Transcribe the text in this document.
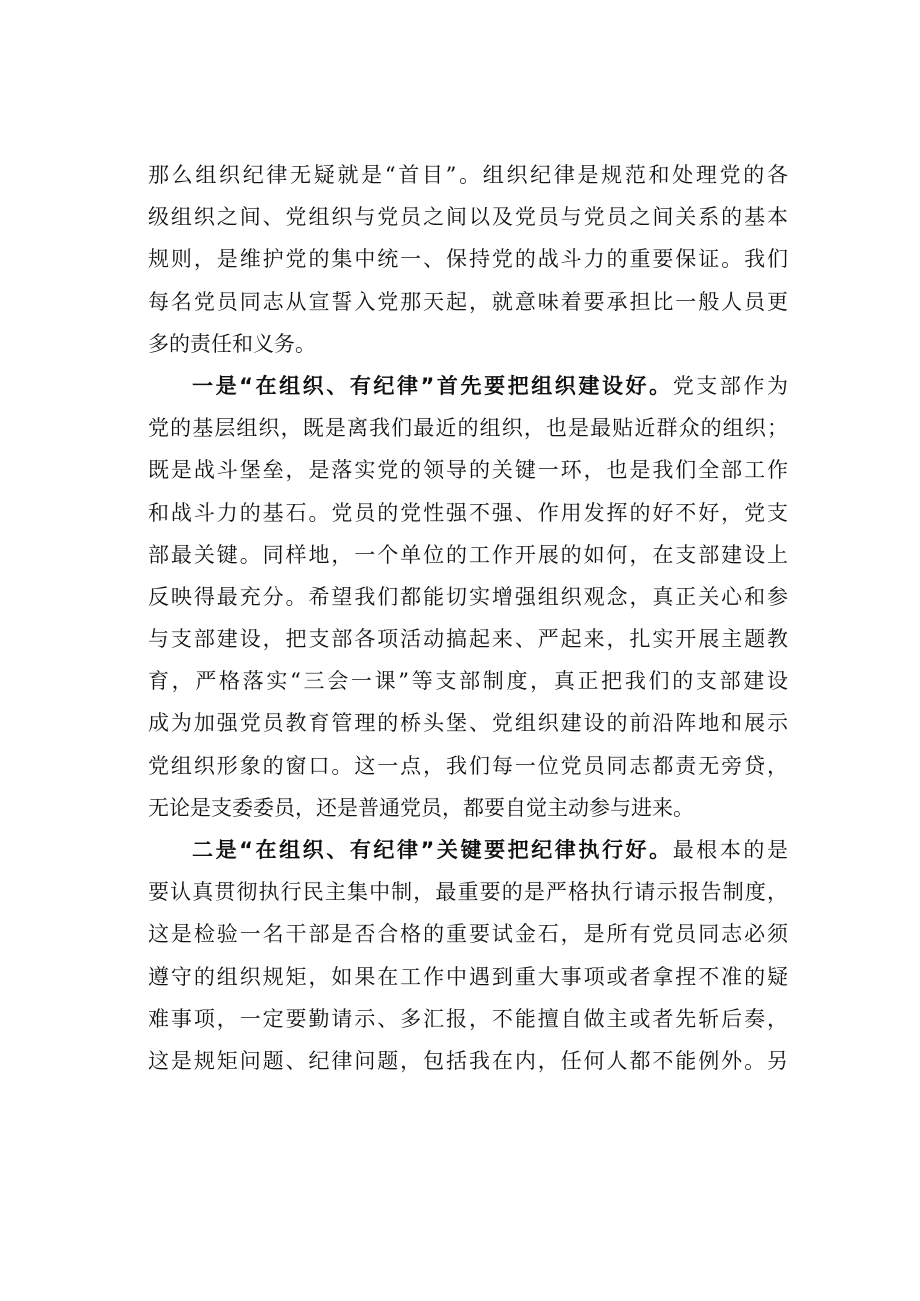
那么组织纪律无疑就是“首目”。组织纪律是规范和处理党的各
级组织之间、党组织与党员之间以及党员与党员之间关系的基本
规则，是维护党的集中统一、保持党的战斗力的重要保证。我们
每名党员同志从宣誓入党那天起，就意味着要承担比一般人员更
多的责任和义务。
一是“在组织、有纪律”首先要把组织建设好。党支部作为
党的基层组织，既是离我们最近的组织，也是最贴近群众的组织；
既是战斗堡垒，是落实党的领导的关键一环，也是我们全部工作
和战斗力的基石。党员的党性强不强、作用发挥的好不好，党支
部最关键。同样地，一个单位的工作开展的如何，在支部建设上
反映得最充分。希望我们都能切实增强组织观念，真正关心和参
与支部建设，把支部各项活动搞起来、严起来，扎实开展主题教
育，严格落实“三会一课”等支部制度，真正把我们的支部建设
成为加强党员教育管理的桥头堡、党组织建设的前沿阵地和展示
党组织形象的窗口。这一点，我们每一位党员同志都责无旁贷，
无论是支委委员，还是普通党员，都要自觉主动参与进来。
二是“在组织、有纪律”关键要把纪律执行好。最根本的是
要认真贯彻执行民主集中制，最重要的是严格执行请示报告制度，
这是检验一名干部是否合格的重要试金石，是所有党员同志必须
遵守的组织规矩，如果在工作中遇到重大事项或者拿捏不准的疑
难事项，一定要勤请示、多汇报，不能擅自做主或者先斩后奏，
这是规矩问题、纪律问题，包括我在内，任何人都不能例外。另
